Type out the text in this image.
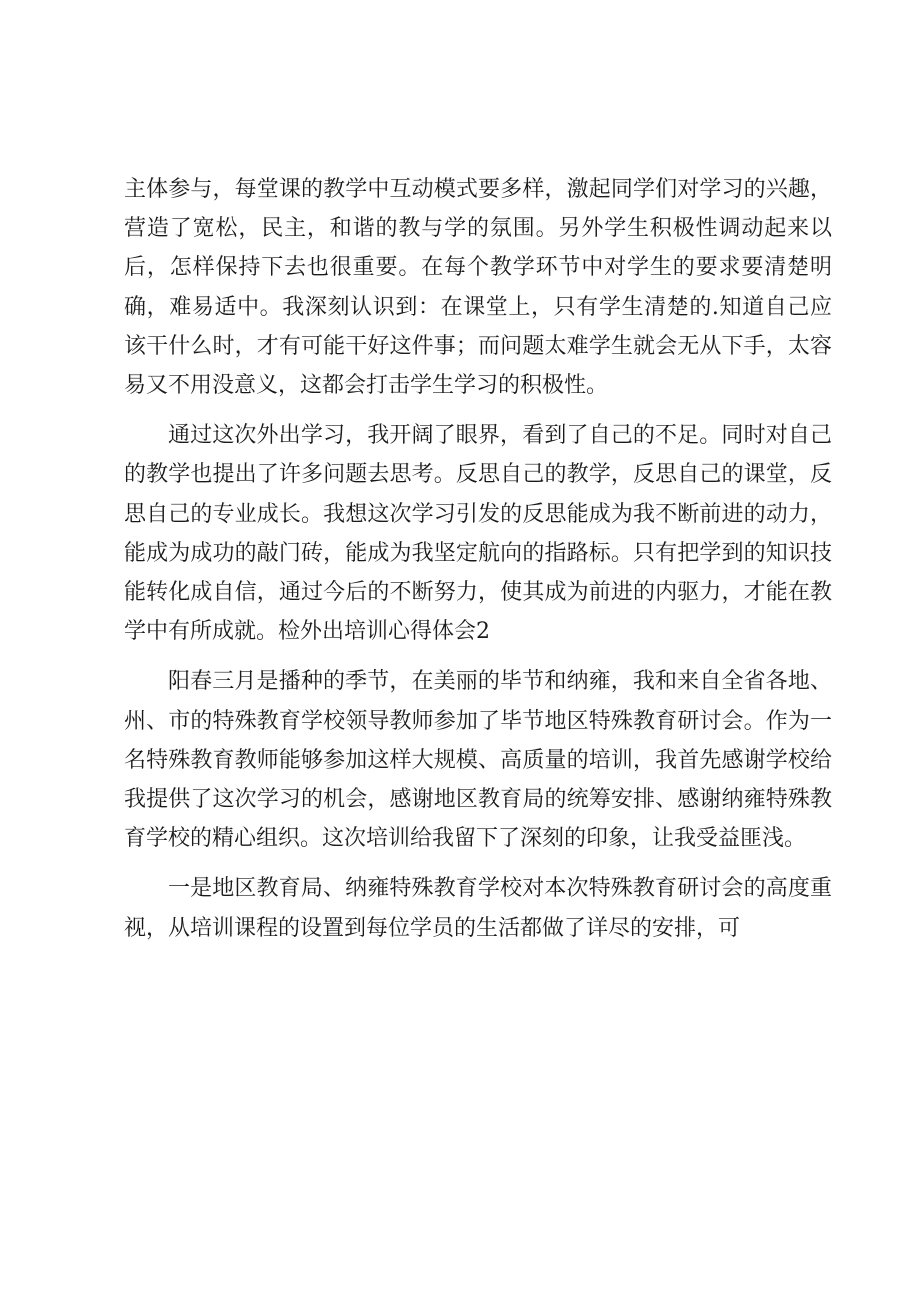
主体参与，每堂课的教学中互动模式要多样，激起同学们对学习的兴趣，营造了宽松，民主，和谐的教与学的氛围。另外学生积极性调动起来以后，怎样保持下去也很重要。在每个教学环节中对学生的要求要清楚明确，难易适中。我深刻认识到：在课堂上，只有学生清楚的.知道自己应该干什么时，才有可能干好这件事；而问题太难学生就会无从下手，太容易又不用没意义，这都会打击学生学习的积极性。

通过这次外出学习，我开阔了眼界，看到了自己的不足。同时对自己的教学也提出了许多问题去思考。反思自己的教学，反思自己的课堂，反思自己的专业成长。我想这次学习引发的反思能成为我不断前进的动力，能成为成功的敲门砖，能成为我坚定航向的指路标。只有把学到的知识技能转化成自信，通过今后的不断努力，使其成为前进的内驱力，才能在教学中有所成就。检外出培训心得体会2

阳春三月是播种的季节，在美丽的毕节和纳雍，我和来自全省各地、州、市的特殊教育学校领导教师参加了毕节地区特殊教育研讨会。作为一名特殊教育教师能够参加这样大规模、高质量的培训，我首先感谢学校给我提供了这次学习的机会，感谢地区教育局的统筹安排、感谢纳雍特殊教育学校的精心组织。这次培训给我留下了深刻的印象，让我受益匪浅。

一是地区教育局、纳雍特殊教育学校对本次特殊教育研讨会的高度重视，从培训课程的设置到每位学员的生活都做了详尽的安排，可
